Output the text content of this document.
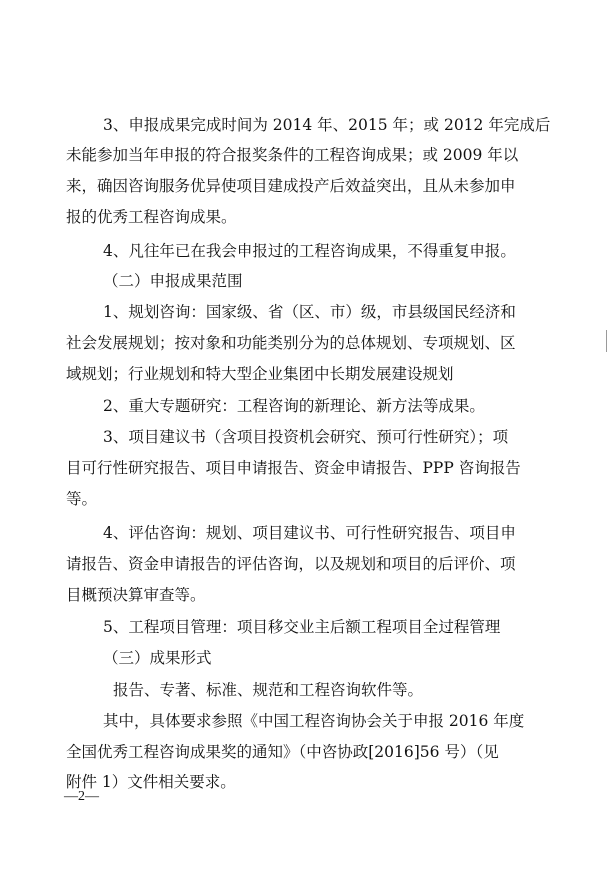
3、申报成果完成时间为 2014 年、2015 年；或 2012 年完成后
未能参加当年申报的符合报奖条件的工程咨询成果；或 2009 年以
来，确因咨询服务优异使项目建成投产后效益突出，且从未参加申
报的优秀工程咨询成果。
4、凡往年已在我会申报过的工程咨询成果，不得重复申报。
（二）申报成果范围
1、规划咨询：国家级、省（区、市）级，市县级国民经济和
社会发展规划；按对象和功能类别分为的总体规划、专项规划、区
域规划；行业规划和特大型企业集团中长期发展建设规划
2、重大专题研究：工程咨询的新理论、新方法等成果。
3、项目建议书（含项目投资机会研究、预可行性研究）；项
目可行性研究报告、项目申请报告、资金申请报告、PPP 咨询报告
等。
4、评估咨询：规划、项目建议书、可行性研究报告、项目申
请报告、资金申请报告的评估咨询，以及规划和项目的后评价、项
目概预决算审查等。
5、工程项目管理：项目移交业主后额工程项目全过程管理
（三）成果形式
报告、专著、标准、规范和工程咨询软件等。
其中，具体要求参照《中国工程咨询协会关于申报 2016 年度
全国优秀工程咨询成果奖的通知》（中咨协政[2016]56 号）（见
附件 1）文件相关要求。
—2—
